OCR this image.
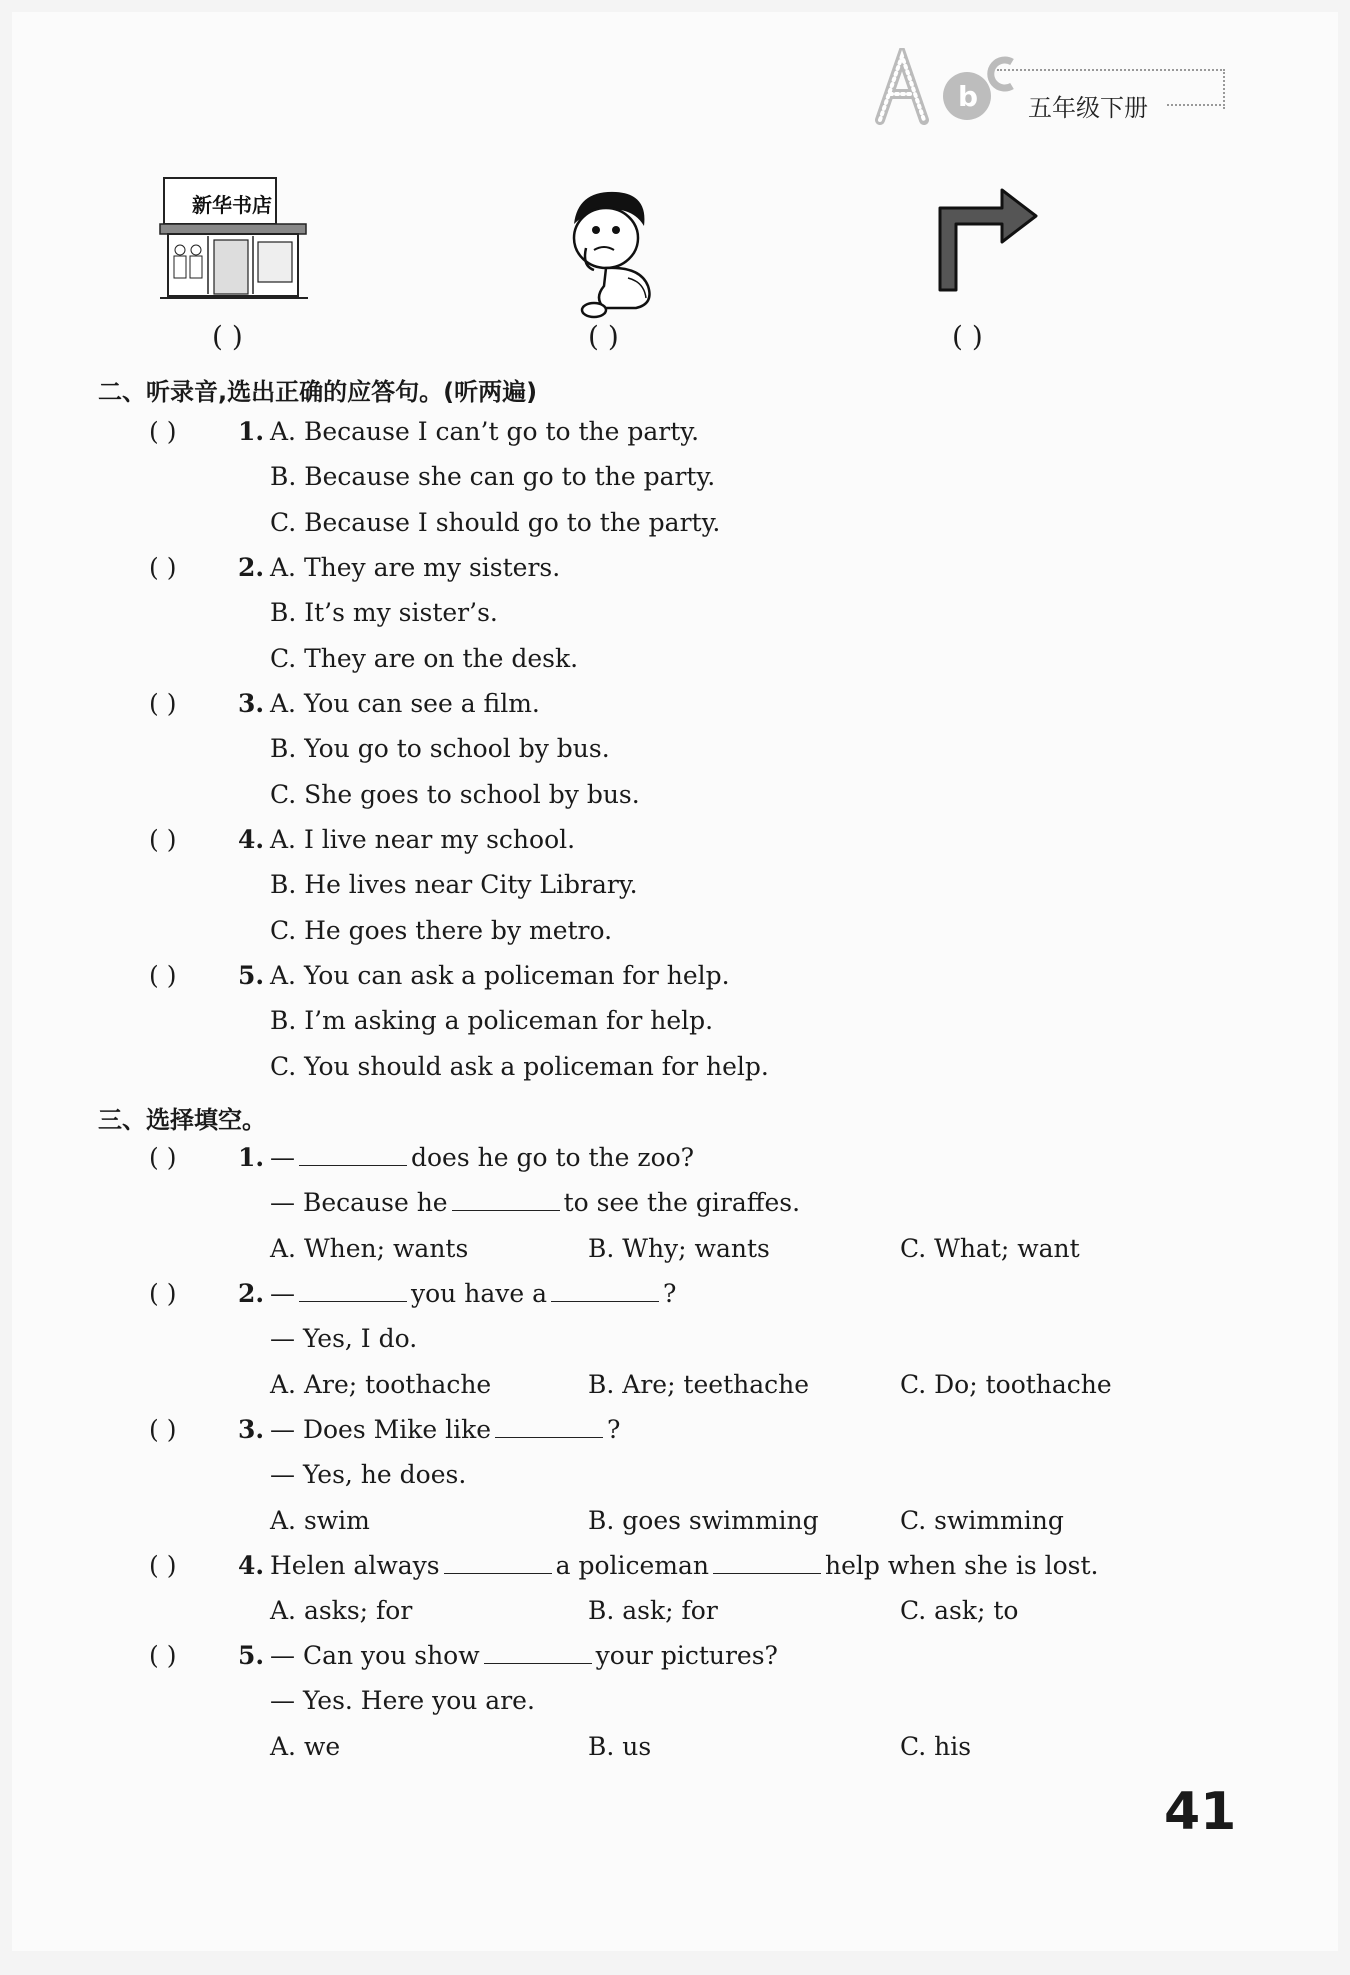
b 五年级下册
新华书店
( )	( )	( )
二、听录音,选出正确的应答句。(听两遍)
( ) 1. A. Because I can’t go to the party.
B. Because she can go to the party.
C. Because I should go to the party.
( ) 2. A. They are my sisters.
B. It’s my sister’s.
C. They are on the desk.
( ) 3. A. You can see a film.
B. You go to school by bus.
C. She goes to school by bus.
( ) 4. A. I live near my school.
B. He lives near City Library.
C. He goes there by metro.
( ) 5. A. You can ask a policeman for help.
B. I’m asking a policeman for help.
C. You should ask a policeman for help.
三、选择填空。
( ) 1. —	does he go to the zoo?
— Because he	to see the giraffes.
A. When; wants	B. Why; wants	C. What; want
( ) 2. —	you have a	?
— Yes, I do.
A. Are; toothache	B. Are; teethache	C. Do; toothache
( ) 3. — Does Mike like	?
— Yes, he does.
A. swim	B. goes swimming	C. swimming
( ) 4. Helen always	a policeman	help when she is lost.
A. asks; for	B. ask; for	C. ask; to
( ) 5. — Can you show	your pictures?
— Yes. Here you are.
A. we	B. us	C. his
41
